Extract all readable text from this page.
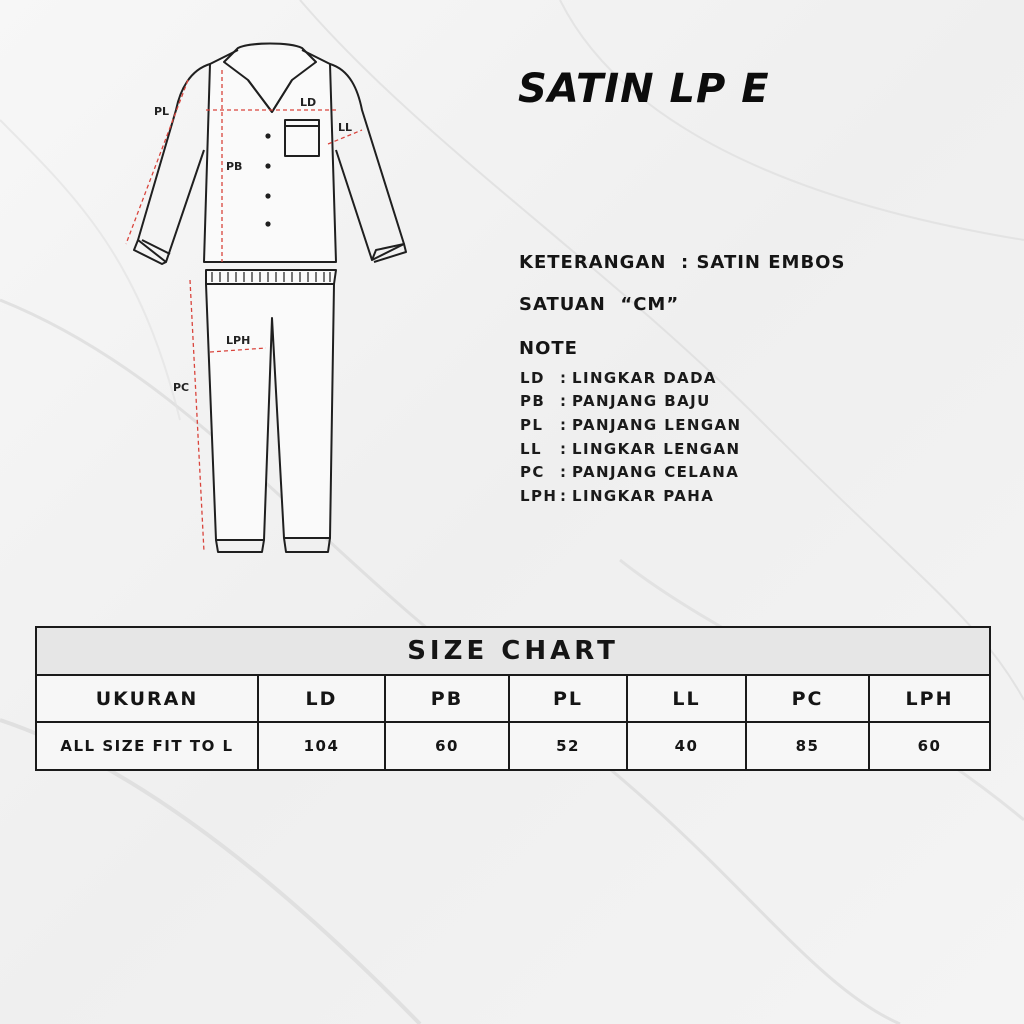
PL
LD
LL
PB
LPH
PC
SATIN LP E
KETERANGAN  : SATIN EMBOS
SATUAN “CM”
NOTE
LD	: LINGKAR DADA
PB : PANJANG BAJU
PL	: PANJANG LENGAN
LL	: LINGKAR LENGAN
PC	: PANJANG CELANA
LPH : LINGKAR PAHA
SIZE CHART						
UKURAN	LD	PB	PL	LL	PC	LPH
ALL SIZE FIT TO L	104	60	52	40	85	60
